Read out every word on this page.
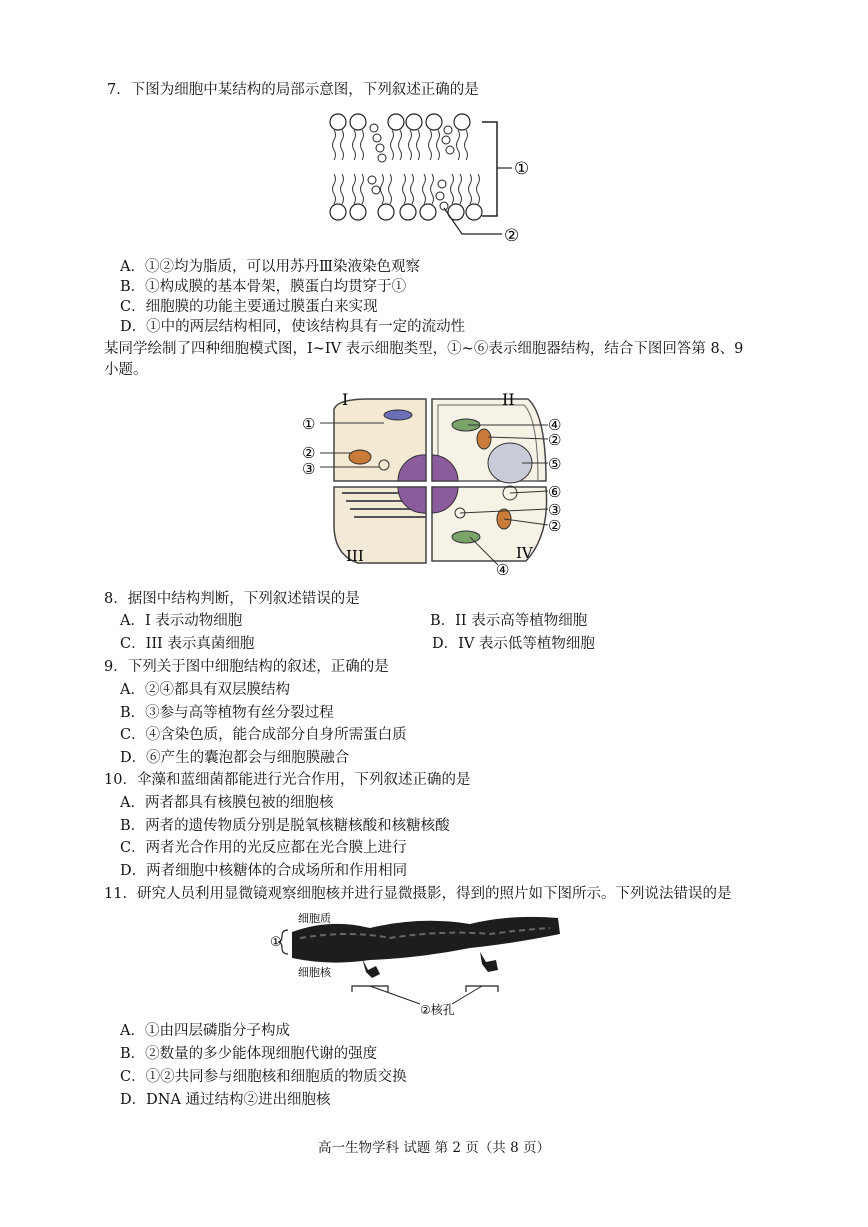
7．下图为细胞中某结构的局部示意图，下列叙述正确的是
①
②
A．①②均为脂质，可以用苏丹Ⅲ染液染色观察
B．①构成膜的基本骨架，膜蛋白均贯穿于①
C．细胞膜的功能主要通过膜蛋白来实现
D．①中的两层结构相同，使该结构具有一定的流动性
某同学绘制了四种细胞模式图，I~IV 表示细胞类型，①~⑥表示细胞器结构，结合下图回答第 8、9
小题。
I	II
III	IV
①
②
③
④
②
⑤
⑥
③
②
④
8．据图中结构判断，下列叙述错误的是
A．I 表示动物细胞	B．II 表示高等植物细胞
C．III 表示真菌细胞	D．IV 表示低等植物细胞
9．下列关于图中细胞结构的叙述，正确的是
A．②④都具有双层膜结构
B．③参与高等植物有丝分裂过程
C．④含染色质，能合成部分自身所需蛋白质
D．⑥产生的囊泡都会与细胞膜融合
10．伞藻和蓝细菌都能进行光合作用，下列叙述正确的是
A．两者都具有核膜包被的细胞核
B．两者的遗传物质分别是脱氧核糖核酸和核糖核酸
C．两者光合作用的光反应都在光合膜上进行
D．两者细胞中核糖体的合成场所和作用相同
11．研究人员利用显微镜观察细胞核并进行显微摄影，得到的照片如下图所示。下列说法错误的是
细胞质
细胞核
①
②核孔
A．①由四层磷脂分子构成
B．②数量的多少能体现细胞代谢的强度
C．①②共同参与细胞核和细胞质的物质交换
D．DNA 通过结构②进出细胞核
高一生物学科 试题 第 2 页（共 8 页）
